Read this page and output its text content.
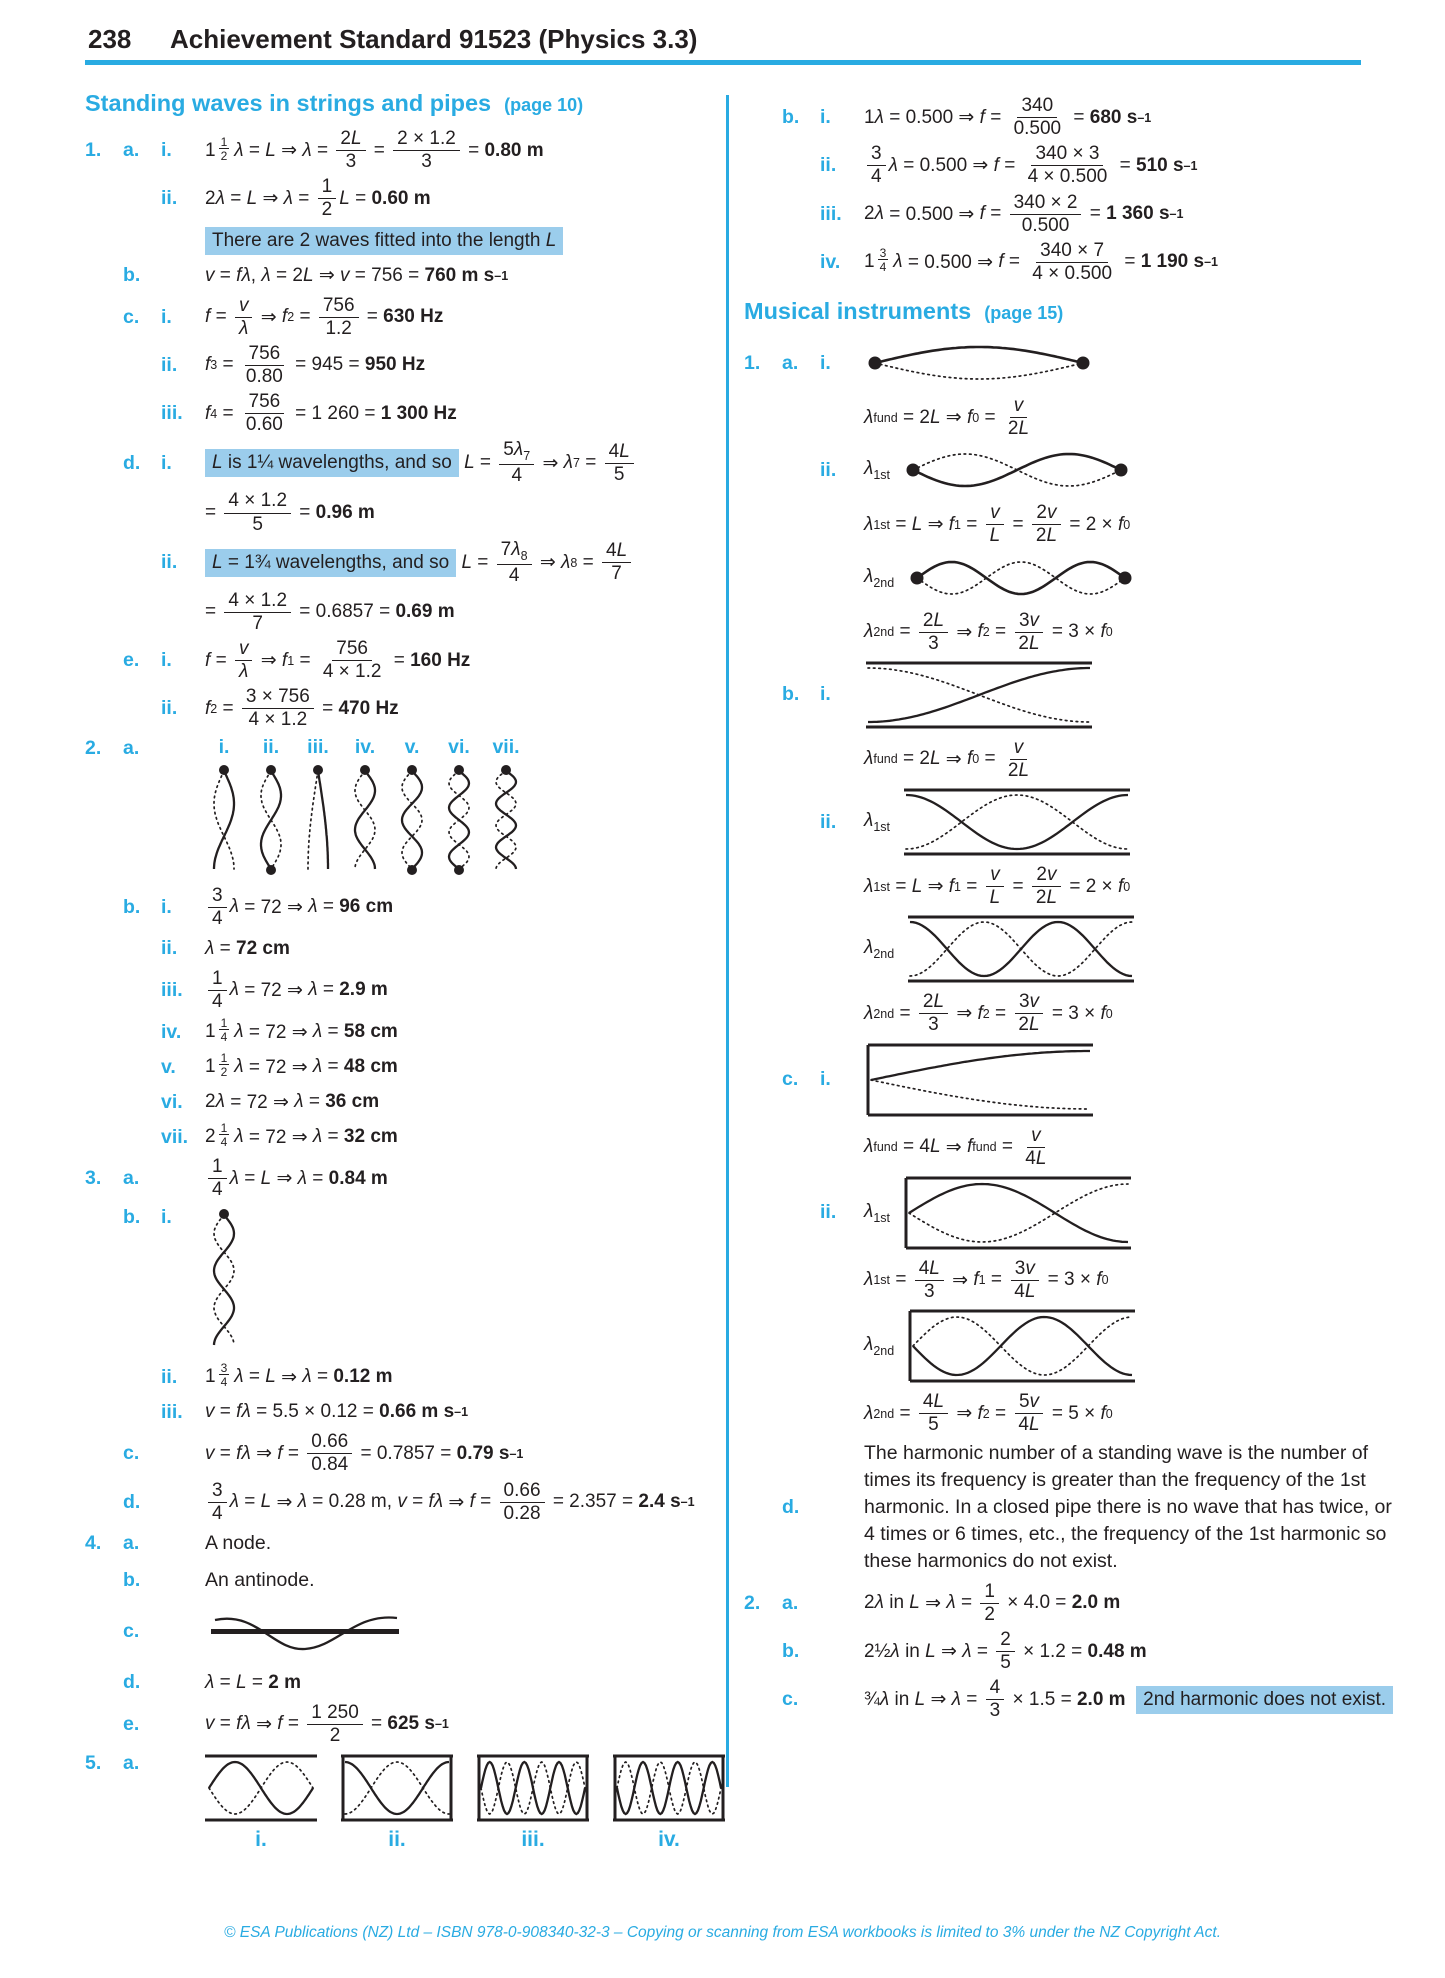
238 Achievement Standard 91523 (Physics 3.3)
Standing waves in strings and pipes (page 10)
1.	a.	i.	$1 \frac{1}{2}$ λ = L ⇒ $\lambda = \frac{2L}{3} = \frac{2 \times 1.2}{3} = 0.80$ m
ii.	2 λ = L ⇒ $\lambda = \frac{1}{2}$ L = 0.60 m
There are 2 waves fitted into the length L
b.	v = f λ , λ = 2 L ⇒ v = 756 = 760 m s –1
c.	i.	$f = \frac{v}{\lambda}$ ⇒ f $2 = \frac{756}{1.2} = 630$ Hz
ii.	f $3 = \frac{756}{0.80} = 945 = 950$ Hz
iii.	f $4 = \frac{756}{0.60} = 1$ 260 = 1 300 Hz
d.	i.	L is 1¼ wavelengths, and so
$L = \frac{5\lambda_7}{4}$ ⇒ λ $7 = \frac{4L}{5}$
= $\frac{4 \times 1.2}{5} = 0.96$ m
ii.	L = 1¾ wavelengths, and so
$L = \frac{7\lambda_8}{4}$ ⇒ λ $8 = \frac{4L}{7}$
= $\frac{4 \times 1.2}{7} = 0.6857 = 0.69$ m
e.	i.	$f = \frac{v}{\lambda}$ ⇒ f $1 = \frac{756}{4 \times 1.2} = 160$ Hz
ii.	f $2 = \frac{3 \times 756}{4 \times 1.2} = 470$ Hz
2.	a.	i. ii. iii. iv. v. vi. vii.
b.	i.	$\frac{3}{4}$ λ = 72 ⇒ λ = 96 cm
ii.	λ = 72 cm
iii.	$\frac{1}{4}$ λ = 72 ⇒ λ = 2.9 m
iv.	$1 \frac{1}{4}$ λ = 72 ⇒ λ = 58 cm
v.	$1 \frac{1}{2}$ λ = 72 ⇒ λ = 48 cm
vi.	2 λ = 72 ⇒ λ = 36 cm
vii. $2 \frac{1}{4}$ λ = 72 ⇒ λ = 32 cm
3.	a.	$\frac{1}{4}$ λ = L ⇒ λ = 0.84 m
b.	i.
ii.	$1 \frac{3}{4}$ λ = L ⇒ λ = 0.12 m
iii.	v = f λ = 5.5 × 0.12 = 0.66 m s –1
c.	v = f λ ⇒ $f = \frac{0.66}{0.84} = 0.7857 = 0.79$ s –1
d.	$\frac{3}{4}$ λ = L ⇒ λ = 0.28 m, v = f λ ⇒ $f = \frac{0.66}{0.28} = 2.357 = 2.4$ s –1
4.	a.	A node.
b.	An antinode.
c.
d.	λ = L = 2 m
e.	v = f λ ⇒ $f = \frac{1 250}{2} = 625$ s –1
5.	a.
i.	ii.	iii.	iv.
b.	i.	1 λ = 0.500 ⇒ $f = \frac{340}{0.500} = 680$ s –1
ii.	$\frac{3}{4}$ λ = 0.500 ⇒ $f = \frac{340 \times 3}{4 \times 0.500} = 510$ s –1
iii.	2 λ = 0.500 ⇒ $f = \frac{340 \times 2}{0.500} = 1$ 360 s –1
iv.	$1 \frac{3}{4}$ λ = 0.500 ⇒ $f = \frac{340 \times 7}{4 \times 0.500} = 1$ 190 s –1
Musical instruments (page 15)
1.	a.	i.
λ fund = 2 L ⇒ f $0 = \frac{v}{2L}$
ii.	$\lambda_{1st}$
λ 1st = L ⇒ f $1 = \frac{v}{L} = \frac{2v}{2L} = 2 \times f$ 0
$\lambda_{2nd}$
λ $2nd = \frac{2L}{3}$ ⇒ f $2 = \frac{3v}{2L} = 3 \times f$ 0
b.	i.
λ fund = 2 L ⇒ f $0 = \frac{v}{2L}$
ii.	$\lambda_{1st}$
λ 1st = L ⇒ f $1 = \frac{v}{L} = \frac{2v}{2L} = 2 \times f$ 0
$\lambda_{2nd}$
λ $2nd = \frac{2L}{3}$ ⇒ f $2 = \frac{3v}{2L} = 3 \times f$ 0
c.	i.
λ fund = 4 L ⇒ f fund = $\frac{v}{4L}$
ii.	$\lambda_{1st}$
λ $1st = \frac{4L}{3}$ ⇒ f $1 = \frac{3v}{4L} = 3 \times f$ 0
$\lambda_{2nd}$
λ $2nd = \frac{4L}{5}$ ⇒ f $2 = \frac{5v}{4L} = 5 \times f$ 0
d.
The harmonic number of a standing wave is the number of times its frequency is greater than the frequency of the 1st harmonic. In a closed pipe there is no wave that has twice, or 4 times or 6 times, etc., the frequency of the 1st harmonic so these harmonics do not exist.
2.	a.	2 λ in L ⇒ $\lambda = \frac{1}{2} \times 4.0 = 2.0$ m
b.	2½ λ in L ⇒ $\lambda = \frac{2}{5} \times 1.2 = 0.48$ m
c.	¾ λ in L ⇒ $\lambda = \frac{4}{3} \times 1.5 = 2.0$ m
2nd harmonic does not exist.
© ESA Publications (NZ) Ltd – ISBN 978-0-908340-32-3 – Copying or scanning from ESA workbooks is limited to 3% under the NZ Copyright Act.
